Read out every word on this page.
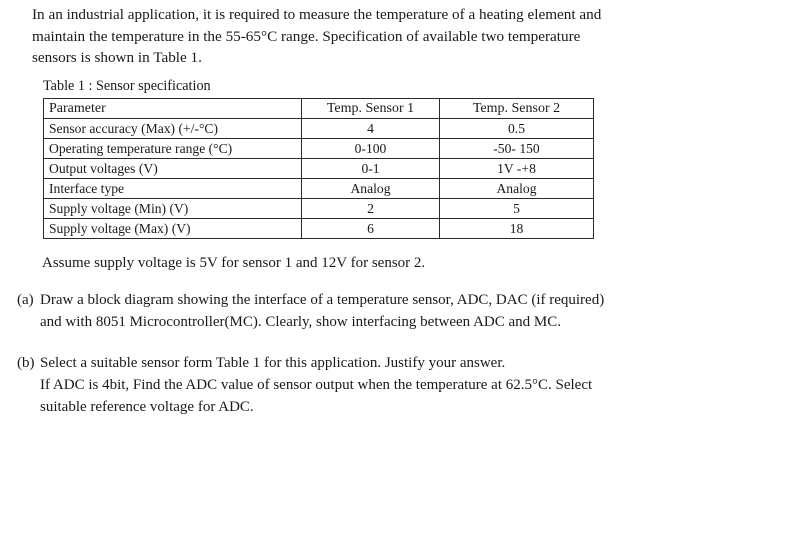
In an industrial application, it is required to measure the temperature of a heating element and

maintain the temperature in the 55-65°C range. Specification of available two temperature

sensors is shown in Table 1.

Table 1 : Sensor specification
Parameter	Temp. Sensor 1	Temp. Sensor 2
Sensor accuracy (Max) (+/-°C)	4	0.5
Operating temperature range (°C)	0-100	-50- 150
Output voltages (V)	0-1	1V -+8
Interface type	Analog	Analog
Supply voltage (Min) (V)	2	5
Supply voltage (Max) (V)	6	18
Assume supply voltage is 5V for sensor 1 and 12V for sensor 2.
(a) Draw a block diagram showing the interface of a temperature sensor, ADC, DAC (if required)

and with 8051 Microcontroller(MC). Clearly, show interfacing between ADC and MC.

(b) Select a suitable sensor form Table 1 for this application. Justify your answer.

If ADC is 4bit, Find the ADC value of sensor output when the temperature at 62.5°C. Select

suitable reference voltage for ADC.
